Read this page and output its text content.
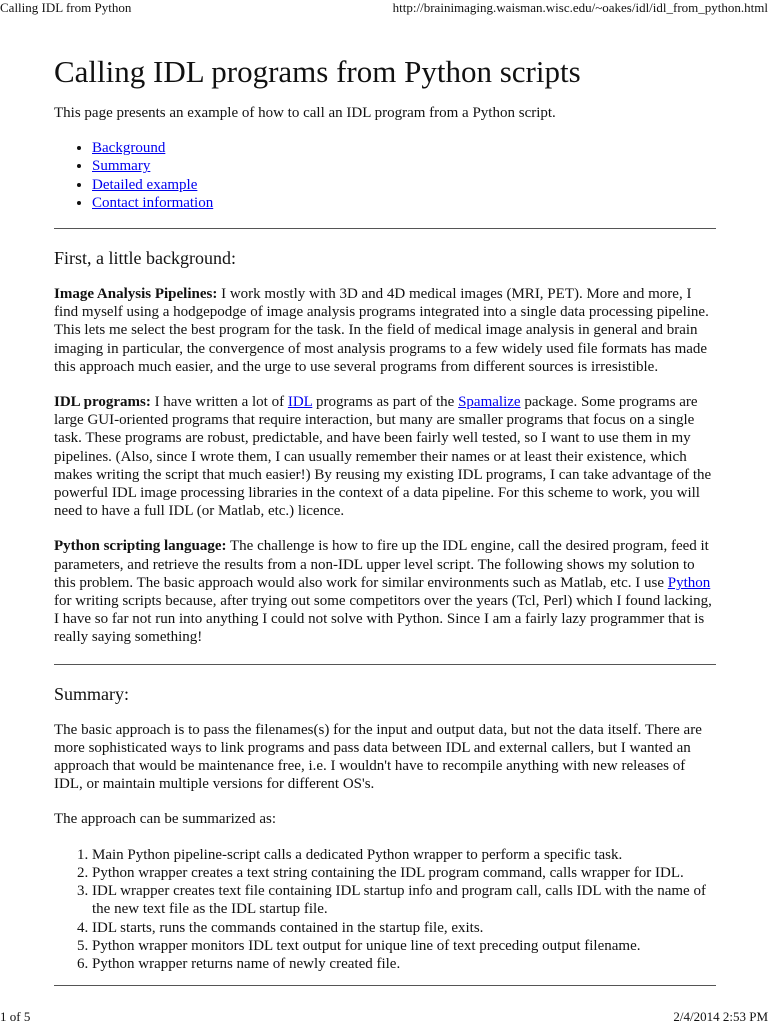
Calling IDL from Python	http://brainimaging.waisman.wisc.edu/~oakes/idl/idl_from_python.html
Calling IDL programs from Python scripts

This page presents an example of how to call an IDL program from a Python script.

• Background
• Summary
• Detailed example
• Contact information
First, a little background:

Image Analysis Pipelines: I work mostly with 3D and 4D medical images (MRI, PET). More and more, I find myself using a hodgepodge of image analysis programs integrated into a single data processing pipeline. This lets me select the best program for the task. In the field of medical image analysis in general and brain imaging in particular, the convergence of most analysis programs to a few widely used file formats has made this approach much easier, and the urge to use several programs from different sources is irresistible.

IDL programs: I have written a lot of IDL programs as part of the Spamalize package. Some programs are large GUI-oriented programs that require interaction, but many are smaller programs that focus on a single task. These programs are robust, predictable, and have been fairly well tested, so I want to use them in my pipelines. (Also, since I wrote them, I can usually remember their names or at least their existence, which makes writing the script that much easier!) By reusing my existing IDL programs, I can take advantage of the powerful IDL image processing libraries in the context of a data pipeline. For this scheme to work, you will need to have a full IDL (or Matlab, etc.) licence.

Python scripting language: The challenge is how to fire up the IDL engine, call the desired program, feed it parameters, and retrieve the results from a non-IDL upper level script. The following shows my solution to this problem. The basic approach would also work for similar environments such as Matlab, etc. I use Python for writing scripts because, after trying out some competitors over the years (Tcl, Perl) which I found lacking, I have so far not run into anything I could not solve with Python. Since I am a fairly lazy programmer that is really saying something!

Summary:

The basic approach is to pass the filenames(s) for the input and output data, but not the data itself. There are more sophisticated ways to link programs and pass data between IDL and external callers, but I wanted an approach that would be maintenance free, i.e. I wouldn't have to recompile anything with new releases of IDL, or maintain multiple versions for different OS's.

The approach can be summarized as:

1. Main Python pipeline-script calls a dedicated Python wrapper to perform a specific task.
2. Python wrapper creates a text string containing the IDL program command, calls wrapper for IDL.
3. IDL wrapper creates text file containing IDL startup info and program call, calls IDL with the name of the new text file as the IDL startup file.
4. IDL starts, runs the commands contained in the startup file, exits.
5. Python wrapper monitors IDL text output for unique line of text preceding output filename.
6. Python wrapper returns name of newly created file.
1 of 5	2/4/2014 2:53 PM
